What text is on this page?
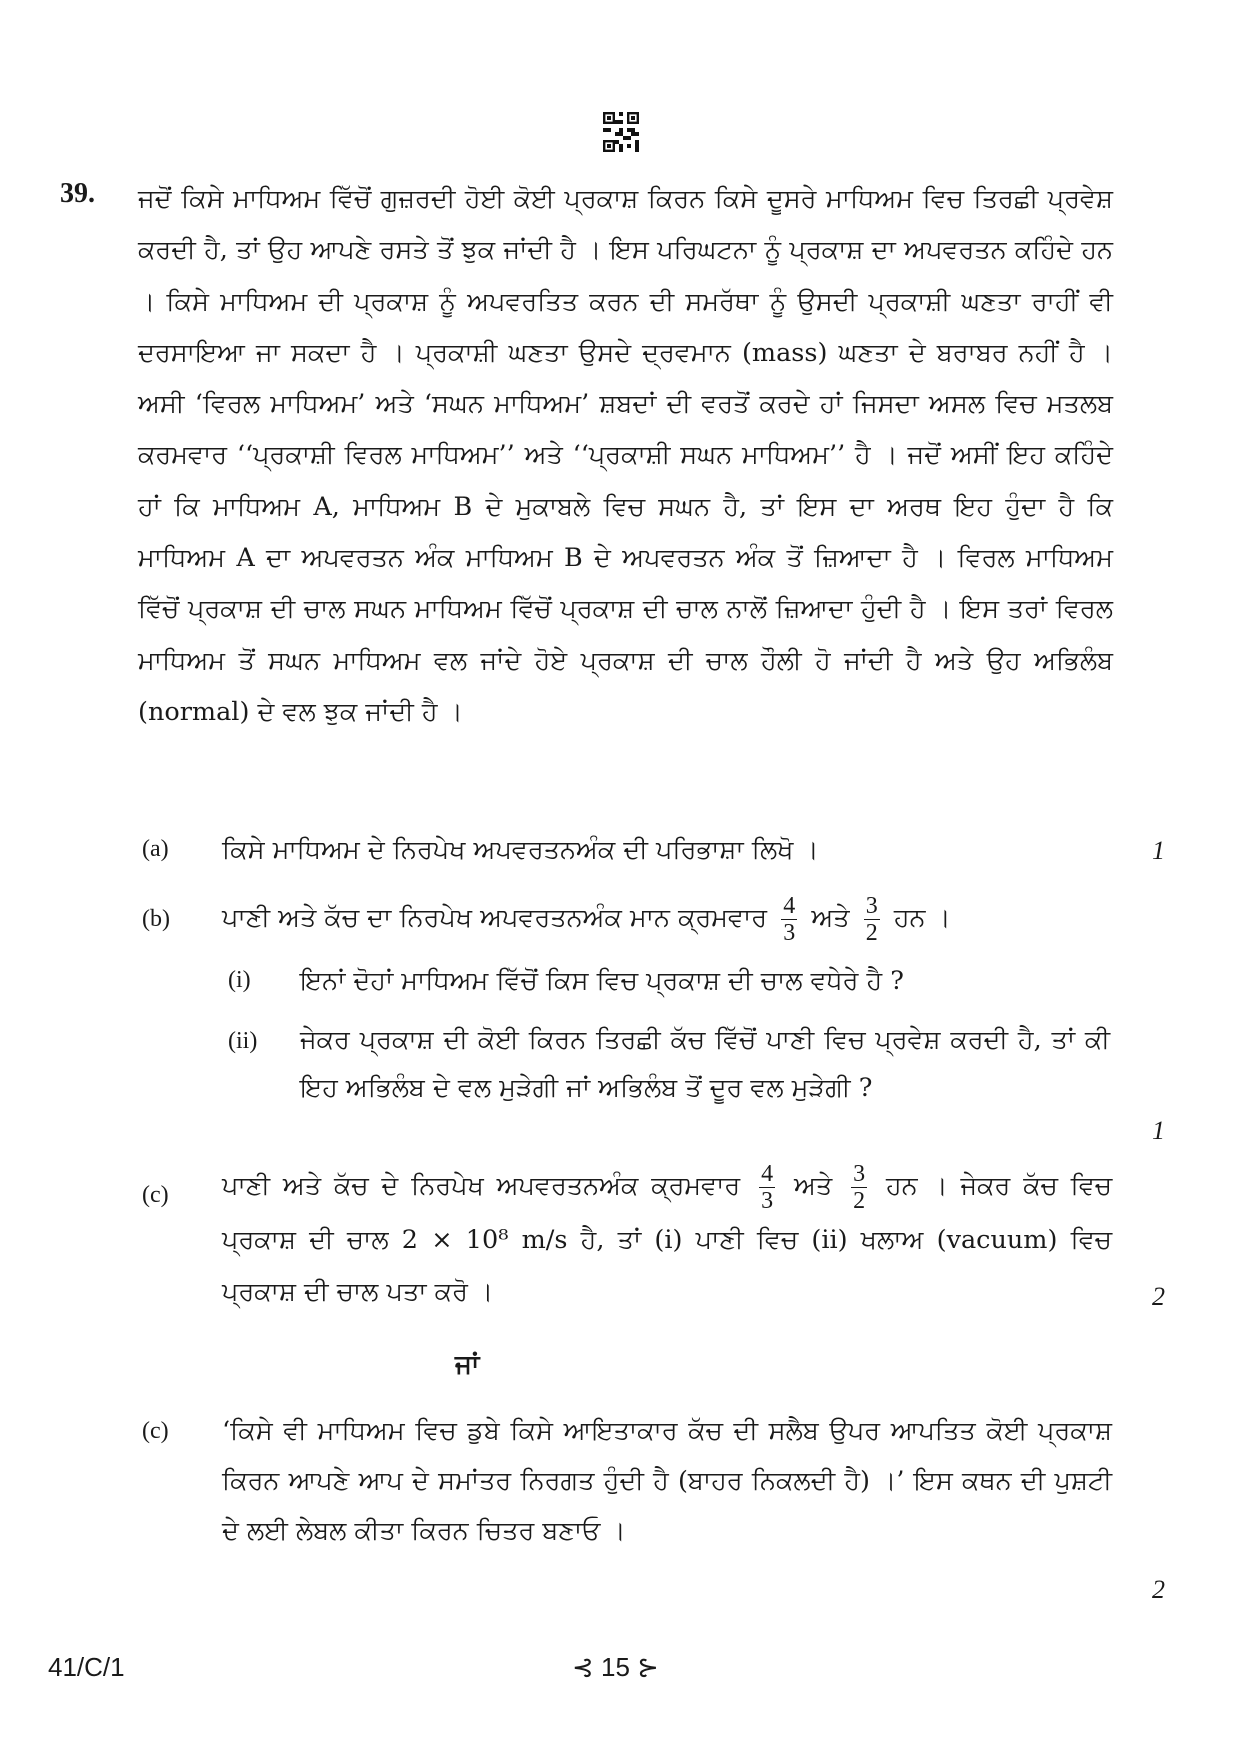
39. ਜਦੋਂ ਕਿਸੇ ਮਾਧਿਅਮ ਵਿੱਚੋਂ ਗੁਜ਼ਰਦੀ ਹੋਈ ਕੋਈ ਪ੍ਰਕਾਸ਼ ਕਿਰਨ ਕਿਸੇ ਦੂਸਰੇ ਮਾਧਿਅਮ ਵਿਚ ਤਿਰਛੀ ਪ੍ਰਵੇਸ਼ ਕਰਦੀ ਹੈ, ਤਾਂ ਉਹ ਆਪਣੇ ਰਸਤੇ ਤੋਂ ਝੁਕ ਜਾਂਦੀ ਹੈ । ਇਸ ਪਰਿਘਟਨਾ ਨੂੰ ਪ੍ਰਕਾਸ਼ ਦਾ ਅਪਵਰਤਨ ਕਹਿੰਦੇ ਹਨ । ਕਿਸੇ ਮਾਧਿਅਮ ਦੀ ਪ੍ਰਕਾਸ਼ ਨੂੰ ਅਪਵਰਤਿਤ ਕਰਨ ਦੀ ਸਮਰੱਥਾ ਨੂੰ ਉਸਦੀ ਪ੍ਰਕਾਸ਼ੀ ਘਣਤਾ ਰਾਹੀਂ ਵੀ ਦਰਸਾਇਆ ਜਾ ਸਕਦਾ ਹੈ । ਪ੍ਰਕਾਸ਼ੀ ਘਣਤਾ ਉਸਦੇ ਦ੍ਰਵਮਾਨ (mass) ਘਣਤਾ ਦੇ ਬਰਾਬਰ ਨਹੀਂ ਹੈ । ਅਸੀ ‘ਵਿਰਲ ਮਾਧਿਅਮ’ ਅਤੇ ‘ਸਘਨ ਮਾਧਿਅਮ’ ਸ਼ਬਦਾਂ ਦੀ ਵਰਤੋਂ ਕਰਦੇ ਹਾਂ ਜਿਸਦਾ ਅਸਲ ਵਿਚ ਮਤਲਬ ਕਰਮਵਾਰ ‘‘ਪ੍ਰਕਾਸ਼ੀ ਵਿਰਲ ਮਾਧਿਅਮ’’ ਅਤੇ ‘‘ਪ੍ਰਕਾਸ਼ੀ ਸਘਨ ਮਾਧਿਅਮ’’ ਹੈ । ਜਦੋਂ ਅਸੀਂ ਇਹ ਕਹਿੰਦੇ ਹਾਂ ਕਿ ਮਾਧਿਅਮ A, ਮਾਧਿਅਮ B ਦੇ ਮੁਕਾਬਲੇ ਵਿਚ ਸਘਨ ਹੈ, ਤਾਂ ਇਸ ਦਾ ਅਰਥ ਇਹ ਹੁੰਦਾ ਹੈ ਕਿ ਮਾਧਿਅਮ A ਦਾ ਅਪਵਰਤਨ ਅੰਕ ਮਾਧਿਅਮ B ਦੇ ਅਪਵਰਤਨ ਅੰਕ ਤੋਂ ਜ਼ਿਆਦਾ ਹੈ । ਵਿਰਲ ਮਾਧਿਅਮ ਵਿੱਚੋਂ ਪ੍ਰਕਾਸ਼ ਦੀ ਚਾਲ ਸਘਨ ਮਾਧਿਅਮ ਵਿੱਚੋਂ ਪ੍ਰਕਾਸ਼ ਦੀ ਚਾਲ ਨਾਲੋਂ ਜ਼ਿਆਦਾ ਹੁੰਦੀ ਹੈ । ਇਸ ਤਰਾਂ ਵਿਰਲ ਮਾਧਿਅਮ ਤੋਂ ਸਘਨ ਮਾਧਿਅਮ ਵਲ ਜਾਂਦੇ ਹੋਏ ਪ੍ਰਕਾਸ਼ ਦੀ ਚਾਲ ਹੌਲੀ ਹੋ ਜਾਂਦੀ ਹੈ ਅਤੇ ਉਹ ਅਭਿਲੰਬ (normal) ਦੇ ਵਲ ਝੁਕ ਜਾਂਦੀ ਹੈ ।
(a) ਕਿਸੇ ਮਾਧਿਅਮ ਦੇ ਨਿਰਪੇਖ ਅਪਵਰਤਨਅੰਕ ਦੀ ਪਰਿਭਾਸ਼ਾ ਲਿਖੋ ।	1
(b) ਪਾਣੀ ਅਤੇ ਕੱਚ ਦਾ ਨਿਰਪੇਖ ਅਪਵਰਤਨਅੰਕ ਮਾਨ ਕ੍ਰਮਵਾਰ $\frac{4}{3}$ ਅਤੇ $\frac{3}{2}$ ਹਨ ।
(i) ਇਨਾਂ ਦੋਹਾਂ ਮਾਧਿਅਮ ਵਿੱਚੋਂ ਕਿਸ ਵਿਚ ਪ੍ਰਕਾਸ਼ ਦੀ ਚਾਲ ਵਧੇਰੇ ਹੈ ?
(ii) ਜੇਕਰ ਪ੍ਰਕਾਸ਼ ਦੀ ਕੋਈ ਕਿਰਨ ਤਿਰਛੀ ਕੱਚ ਵਿੱਚੋਂ ਪਾਣੀ ਵਿਚ ਪ੍ਰਵੇਸ਼ ਕਰਦੀ ਹੈ, ਤਾਂ ਕੀ ਇਹ ਅਭਿਲੰਬ ਦੇ ਵਲ ਮੁੜੇਗੀ ਜਾਂ ਅਭਿਲੰਬ ਤੋਂ ਦੂਰ ਵਲ ਮੁੜੇਗੀ ?
1
(c) ਪਾਣੀ ਅਤੇ ਕੱਚ ਦੇ ਨਿਰਪੇਖ ਅਪਵਰਤਨਅੰਕ ਕ੍ਰਮਵਾਰ $\frac{4}{3}$ ਅਤੇ $\frac{3}{2}$ ਹਨ । ਜੇਕਰ ਕੱਚ ਵਿਚ ਪ੍ਰਕਾਸ਼ ਦੀ ਚਾਲ 2 × 10⁸ m/s ਹੈ, ਤਾਂ (i) ਪਾਣੀ ਵਿਚ (ii) ਖਲਾਅ (vacuum) ਵਿਚ ਪ੍ਰਕਾਸ਼ ਦੀ ਚਾਲ ਪਤਾ ਕਰੋ ।	2
ਜਾਂ
(c) ‘ਕਿਸੇ ਵੀ ਮਾਧਿਅਮ ਵਿਚ ਡੁਬੇ ਕਿਸੇ ਆਇਤਾਕਾਰ ਕੱਚ ਦੀ ਸਲੈਬ ਉਪਰ ਆਪਤਿਤ ਕੋਈ ਪ੍ਰਕਾਸ਼ ਕਿਰਨ ਆਪਣੇ ਆਪ ਦੇ ਸਮਾਂਤਰ ਨਿਰਗਤ ਹੁੰਦੀ ਹੈ (ਬਾਹਰ ਨਿਕਲਦੀ ਹੈ) ।’ ਇਸ ਕਥਨ ਦੀ ਪੁਸ਼ਟੀ ਦੇ ਲਈ ਲੇਬਲ ਕੀਤਾ ਕਿਰਨ ਚਿਤਰ ਬਣਾਓ ।
2
41/C/1	⊰ 15 ⊱
